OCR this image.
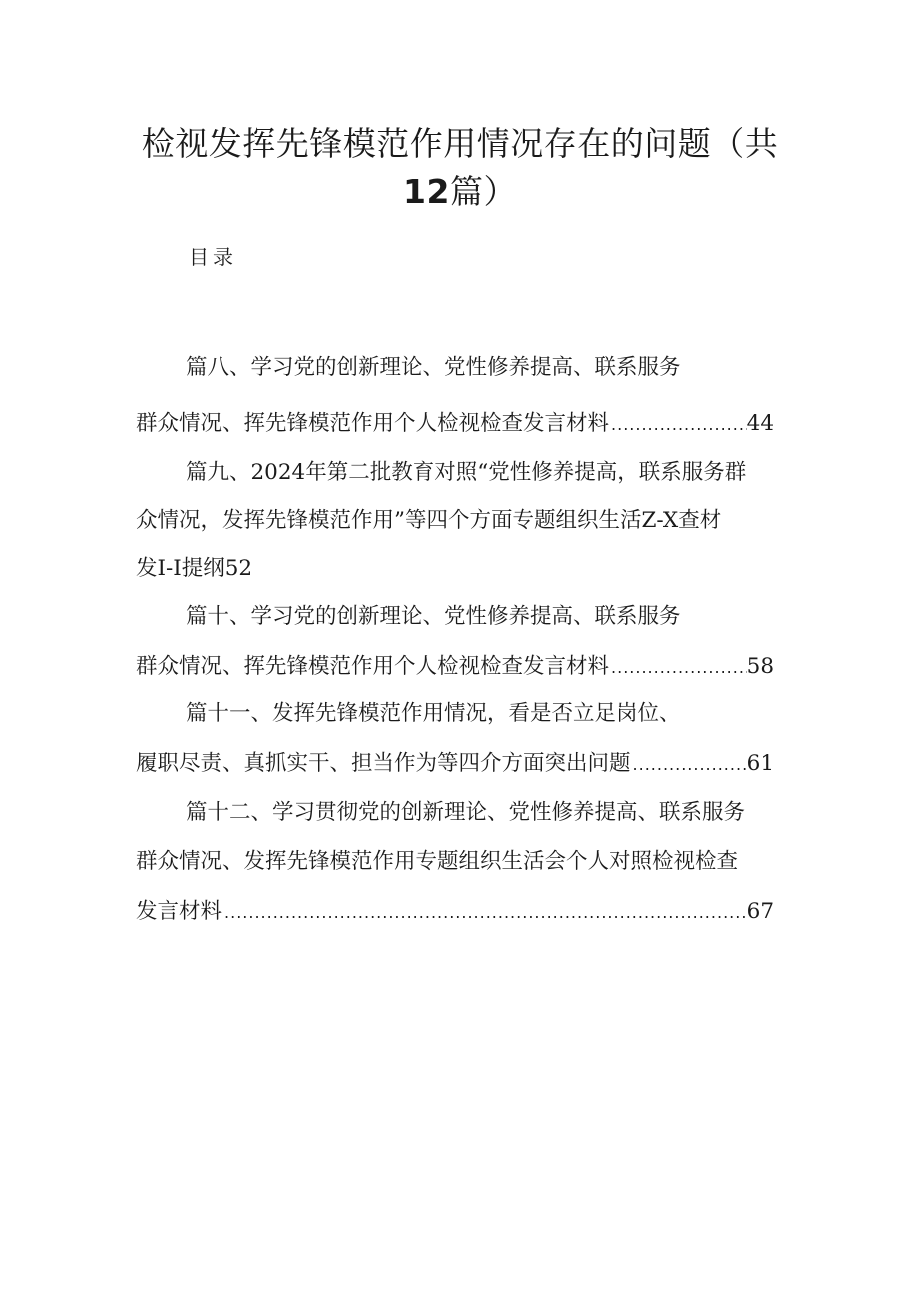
检视发挥先锋模范作用情况存在的问题（共
12篇）
目录
篇八、学习党的创新理论、党性修养提高、联系服务
群众情况、挥先锋模范作用个人检视检查发言材料 .....	44
篇九、2024年第二批教育对照“党性修养提高，联系服务群
众情况，发挥先锋模范作用”等四个方面专题组织生活Z-X查材
发I-I提纲52
篇十、学习党的创新理论、党性修养提高、联系服务
群众情况、挥先锋模范作用个人检视检查发言材料 .....	58
篇十一、发挥先锋模范作用情况，看是否立足岗位、
履职尽责、真抓实干、担当作为等四介方面突出问题 .....	61
篇十二、学习贯彻党的创新理论、党性修养提高、联系服务
群众情况、发挥先锋模范作用专题组织生活会个人对照检视检查
发言材料 .....	67
